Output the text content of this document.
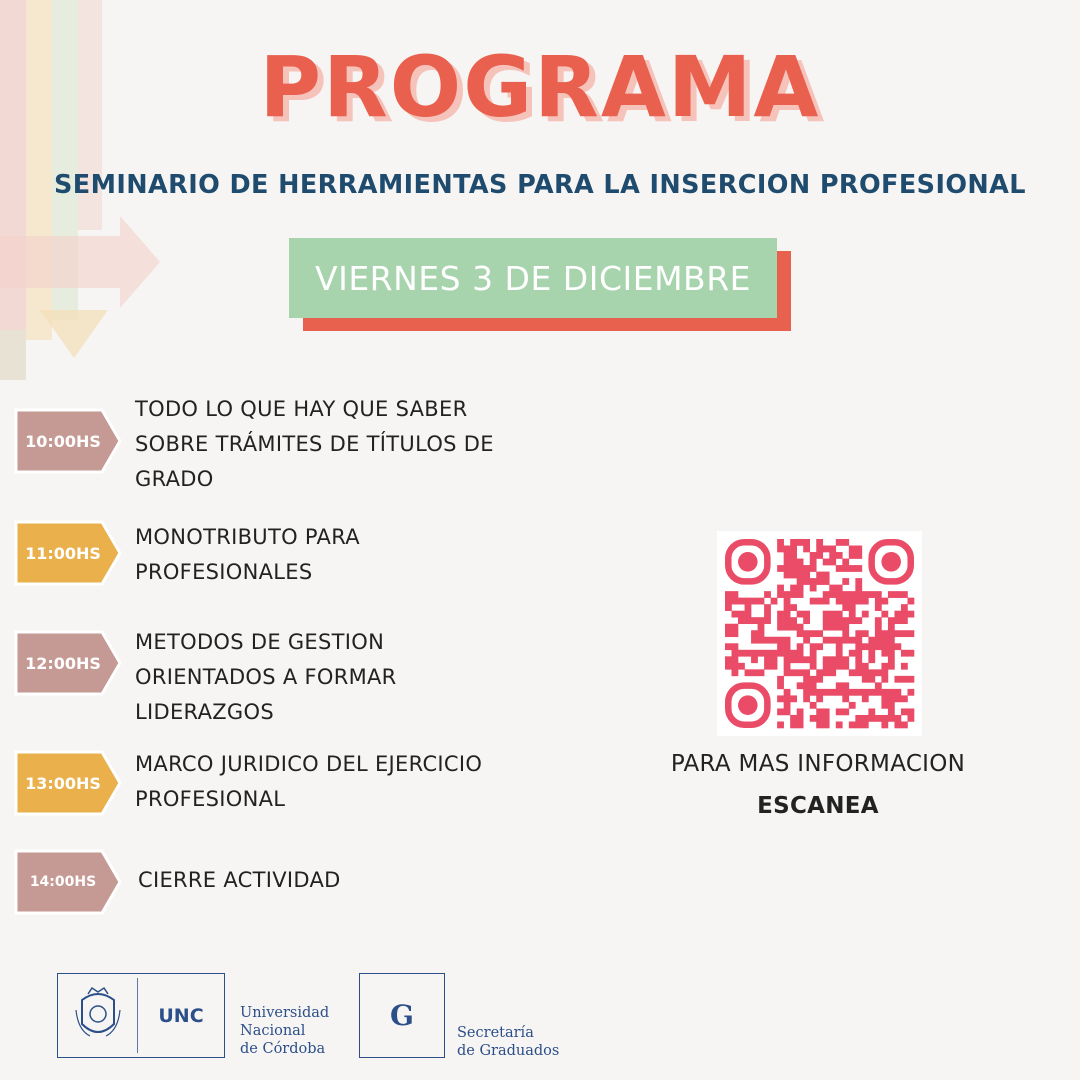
PROGRAMA
SEMINARIO DE HERRAMIENTAS PARA LA INSERCION PROFESIONAL
VIERNES 3 DE DICIEMBRE
10:00HS
TODO LO QUE HAY QUE SABER
SOBRE TRÁMITES DE TÍTULOS DE
GRADO
11:00HS
MONOTRIBUTO PARA
PROFESIONALES
12:00HS
METODOS DE GESTION
ORIENTADOS A FORMAR
LIDERAZGOS
13:00HS
MARCO JURIDICO DEL EJERCICIO
PROFESIONAL
14:00HS	CIERRE ACTIVIDAD
PARA MAS INFORMACION
ESCANEA
UNC	Universidad
Nacional
de Córdoba
G
Secretaría
de Graduados
